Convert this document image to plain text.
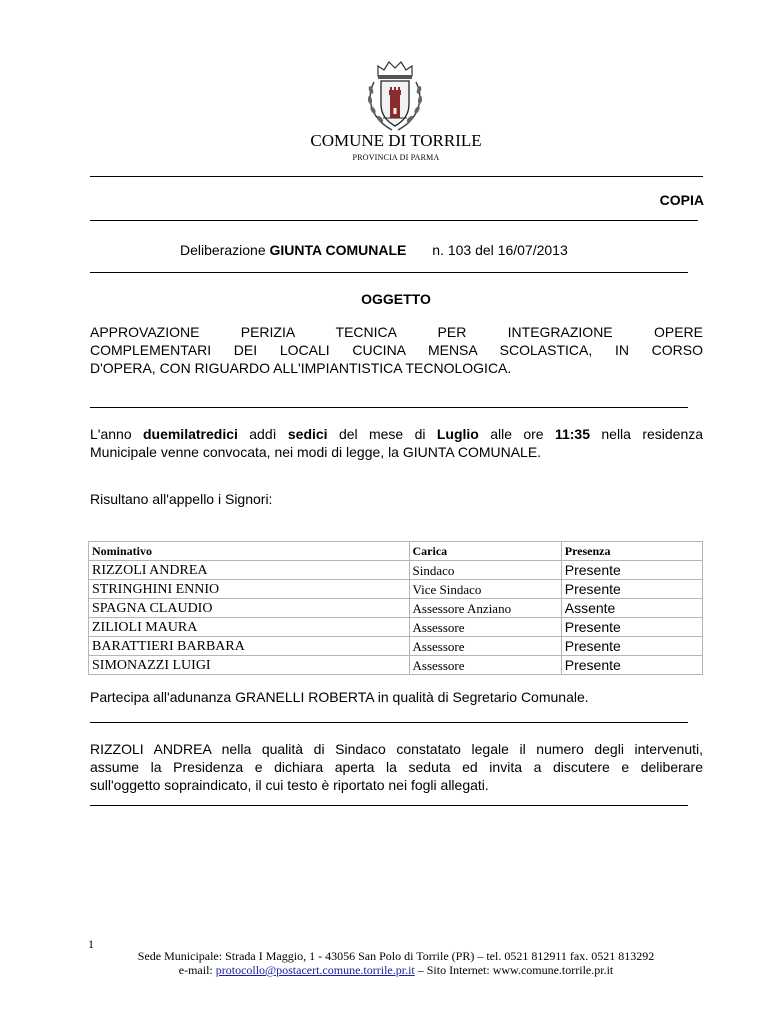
COMUNE DI TORRILE
PROVINCIA DI PARMA
COPIA
Deliberazione GIUNTA COMUNALE n. 103 del 16/07/2013
OGGETTO
APPROVAZIONE PERIZIA TECNICA PER INTEGRAZIONE OPERE
COMPLEMENTARI DEI LOCALI CUCINA MENSA SCOLASTICA, IN CORSO
D'OPERA, CON RIGUARDO ALL'IMPIANTISTICA TECNOLOGICA.
L'anno duemilatredici addì sedici del mese di Luglio alle ore 11:35 nella residenza
Municipale venne convocata, nei modi di legge, la GIUNTA COMUNALE.
Risultano all'appello i Signori:
Nominativo	Carica	Presenza
RIZZOLI ANDREA	Sindaco	Presente
STRINGHINI ENNIO	Vice Sindaco	Presente
SPAGNA CLAUDIO	Assessore Anziano	Assente
ZILIOLI MAURA	Assessore	Presente
BARATTIERI BARBARA	Assessore	Presente
SIMONAZZI LUIGI	Assessore	Presente
Partecipa all'adunanza GRANELLI ROBERTA in qualità di Segretario Comunale.
RIZZOLI ANDREA nella qualità di Sindaco constatato legale il numero degli intervenuti,
assume la Presidenza e dichiara aperta la seduta ed invita a discutere e deliberare
sull'oggetto sopraindicato, il cui testo è riportato nei fogli allegati.
1
Sede Municipale: Strada I Maggio, 1 - 43056 San Polo di Torrile (PR) – tel. 0521 812911 fax. 0521 813292
e-mail: protocollo@postacert.comune.torrile.pr.it – Sito Internet: www.comune.torrile.pr.it
